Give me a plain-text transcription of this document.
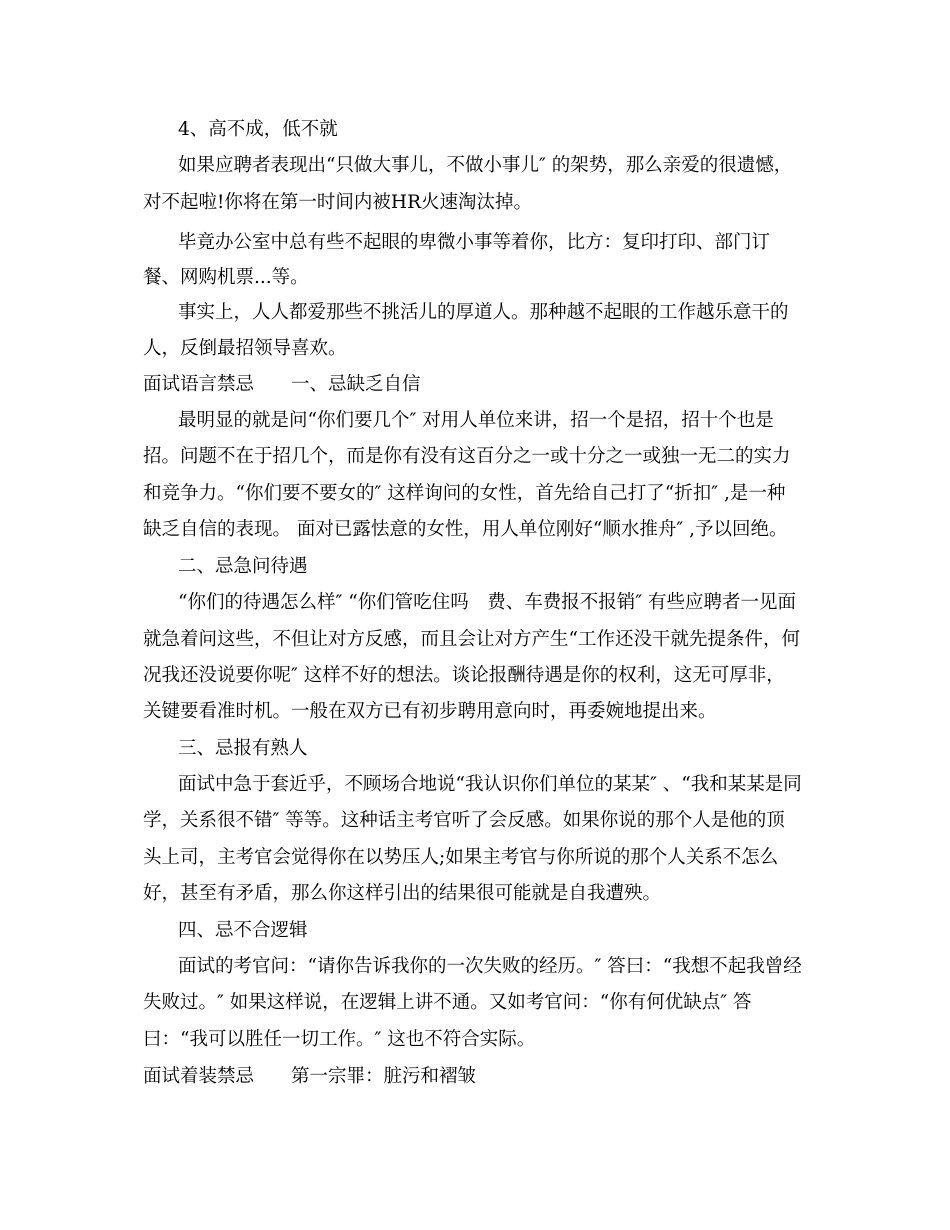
4、高不成，低不就
如果应聘者表现出“只做大事儿，不做小事儿″ 的架势，那么亲爱的很遗憾，
对不起啦!你将在第一时间内被HR火速淘汰掉。
毕竟办公室中总有些不起眼的卑微小事等着你，比方：复印打印、部门订
餐、网购机票...等。
事实上，人人都爱那些不挑活儿的厚道人。那种越不起眼的工作越乐意干的
人，反倒最招领导喜欢。
面试语言禁忌　　一、忌缺乏自信
最明显的就是问“你们要几个″ 对用人单位来讲，招一个是招，招十个也是
招。问题不在于招几个，而是你有没有这百分之一或十分之一或独一无二的实力
和竞争力。“你们要不要女的″ 这样询问的女性，首先给自己打了“折扣″ ,是一种
缺乏自信的表现。 面对已露怯意的女性，用人单位刚好“顺水推舟″ ,予以回绝。
二、忌急问待遇
“你们的待遇怎么样″ “你们管吃住吗　费、车费报不报销″ 有些应聘者一见面
就急着问这些，不但让对方反感，而且会让对方产生“工作还没干就先提条件，何
况我还没说要你呢″ 这样不好的想法。谈论报酬待遇是你的权利，这无可厚非，
关键要看准时机。一般在双方已有初步聘用意向时，再委婉地提出来。
三、忌报有熟人
面试中急于套近乎，不顾场合地说“我认识你们单位的某某″ 、“我和某某是同
学，关系很不错″ 等等。这种话主考官听了会反感。如果你说的那个人是他的顶
头上司，主考官会觉得你在以势压人;如果主考官与你所说的那个人关系不怎么
好，甚至有矛盾，那么你这样引出的结果很可能就是自我遭殃。
四、忌不合逻辑
面试的考官问：“请你告诉我你的一次失败的经历。″ 答曰：“我想不起我曾经
失败过。″ 如果这样说，在逻辑上讲不通。又如考官问：“你有何优缺点″ 答
曰：“我可以胜任一切工作。″ 这也不符合实际。
面试着装禁忌　　第一宗罪：脏污和褶皱
